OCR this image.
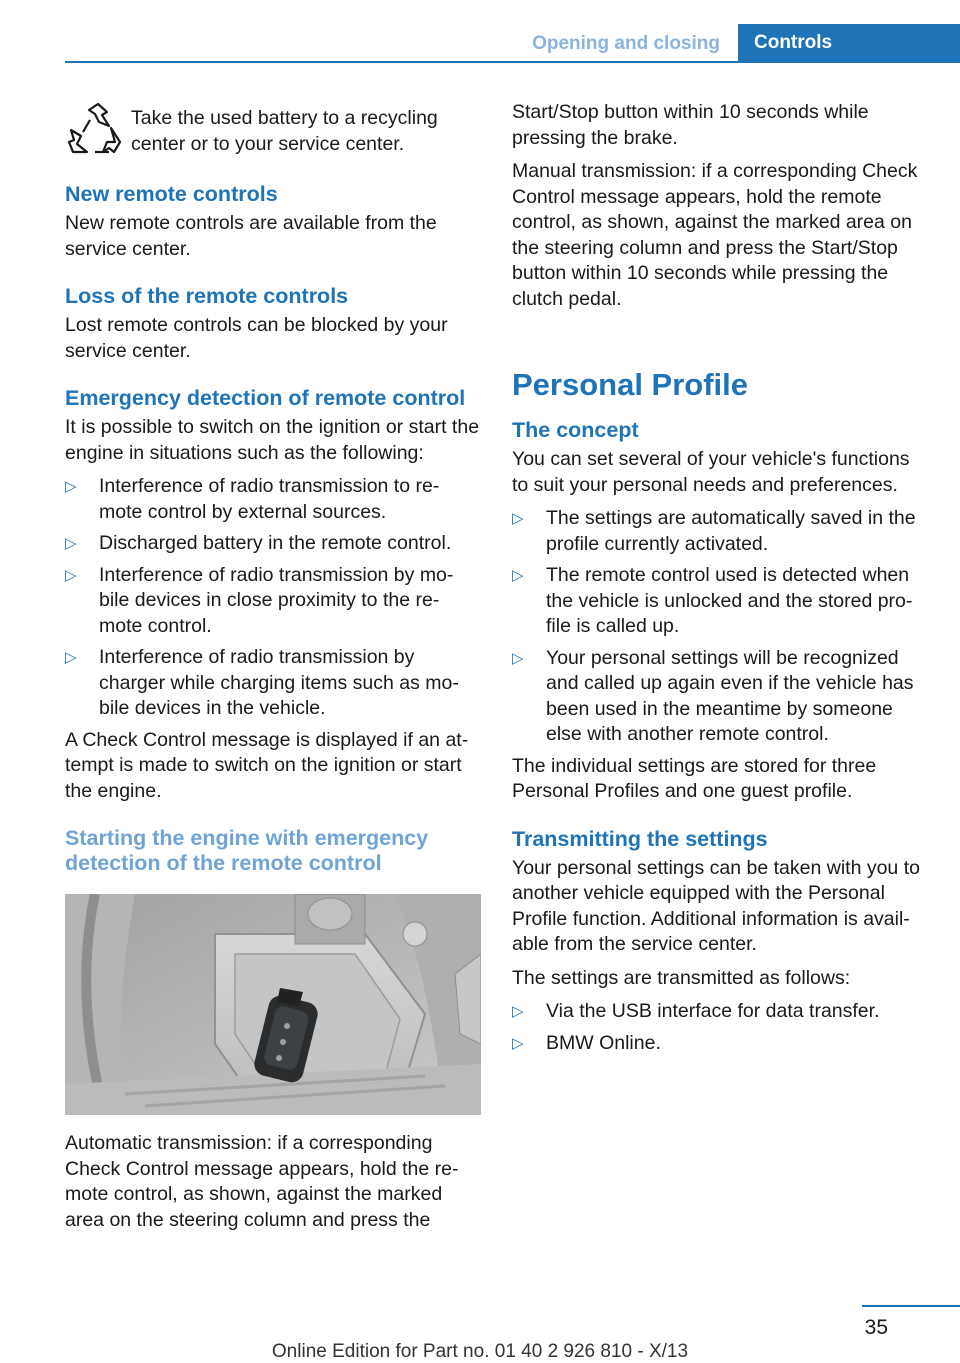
Opening and closing	Controls

Take the used battery to a recycling center or to your service center.

New remote controls

New remote controls are available from the service center.

Loss of the remote controls

Lost remote controls can be blocked by your service center.

Emergency detection of remote control

It is possible to switch on the ignition or start the engine in situations such as the following:

▷	Interference of radio transmission to re‐mote control by external sources.
▷	Discharged battery in the remote control.
▷	Interference of radio transmission by mo‐bile devices in close proximity to the re‐mote control.
▷	Interference of radio transmission by charger while charging items such as mo‐bile devices in the vehicle.

A Check Control message is displayed if an at‐tempt is made to switch on the ignition or start the engine.

Starting the engine with emergency detection of the remote control

Automatic transmission: if a corresponding Check Control message appears, hold the re‐mote control, as shown, against the marked area on the steering column and press the

Start/Stop button within 10 seconds while pressing the brake.

Manual transmission: if a corresponding Check Control message appears, hold the remote control, as shown, against the marked area on the steering column and press the Start/Stop button within 10 seconds while pressing the clutch pedal.

Personal Profile
The concept

You can set several of your vehicle's functions to suit your personal needs and preferences.

▷	The settings are automatically saved in the profile currently activated.
▷	The remote control used is detected when the vehicle is unlocked and the stored pro‐file is called up.
▷	Your personal settings will be recognized and called up again even if the vehicle has been used in the meantime by someone else with another remote control.

The individual settings are stored for three Personal Profiles and one guest profile.

Transmitting the settings

Your personal settings can be taken with you to another vehicle equipped with the Personal Profile function. Additional information is avail‐able from the service center.

The settings are transmitted as follows:

▷	Via the USB interface for data transfer.
▷	BMW Online.
35
Online Edition for Part no. 01 40 2 926 810 - X/13
